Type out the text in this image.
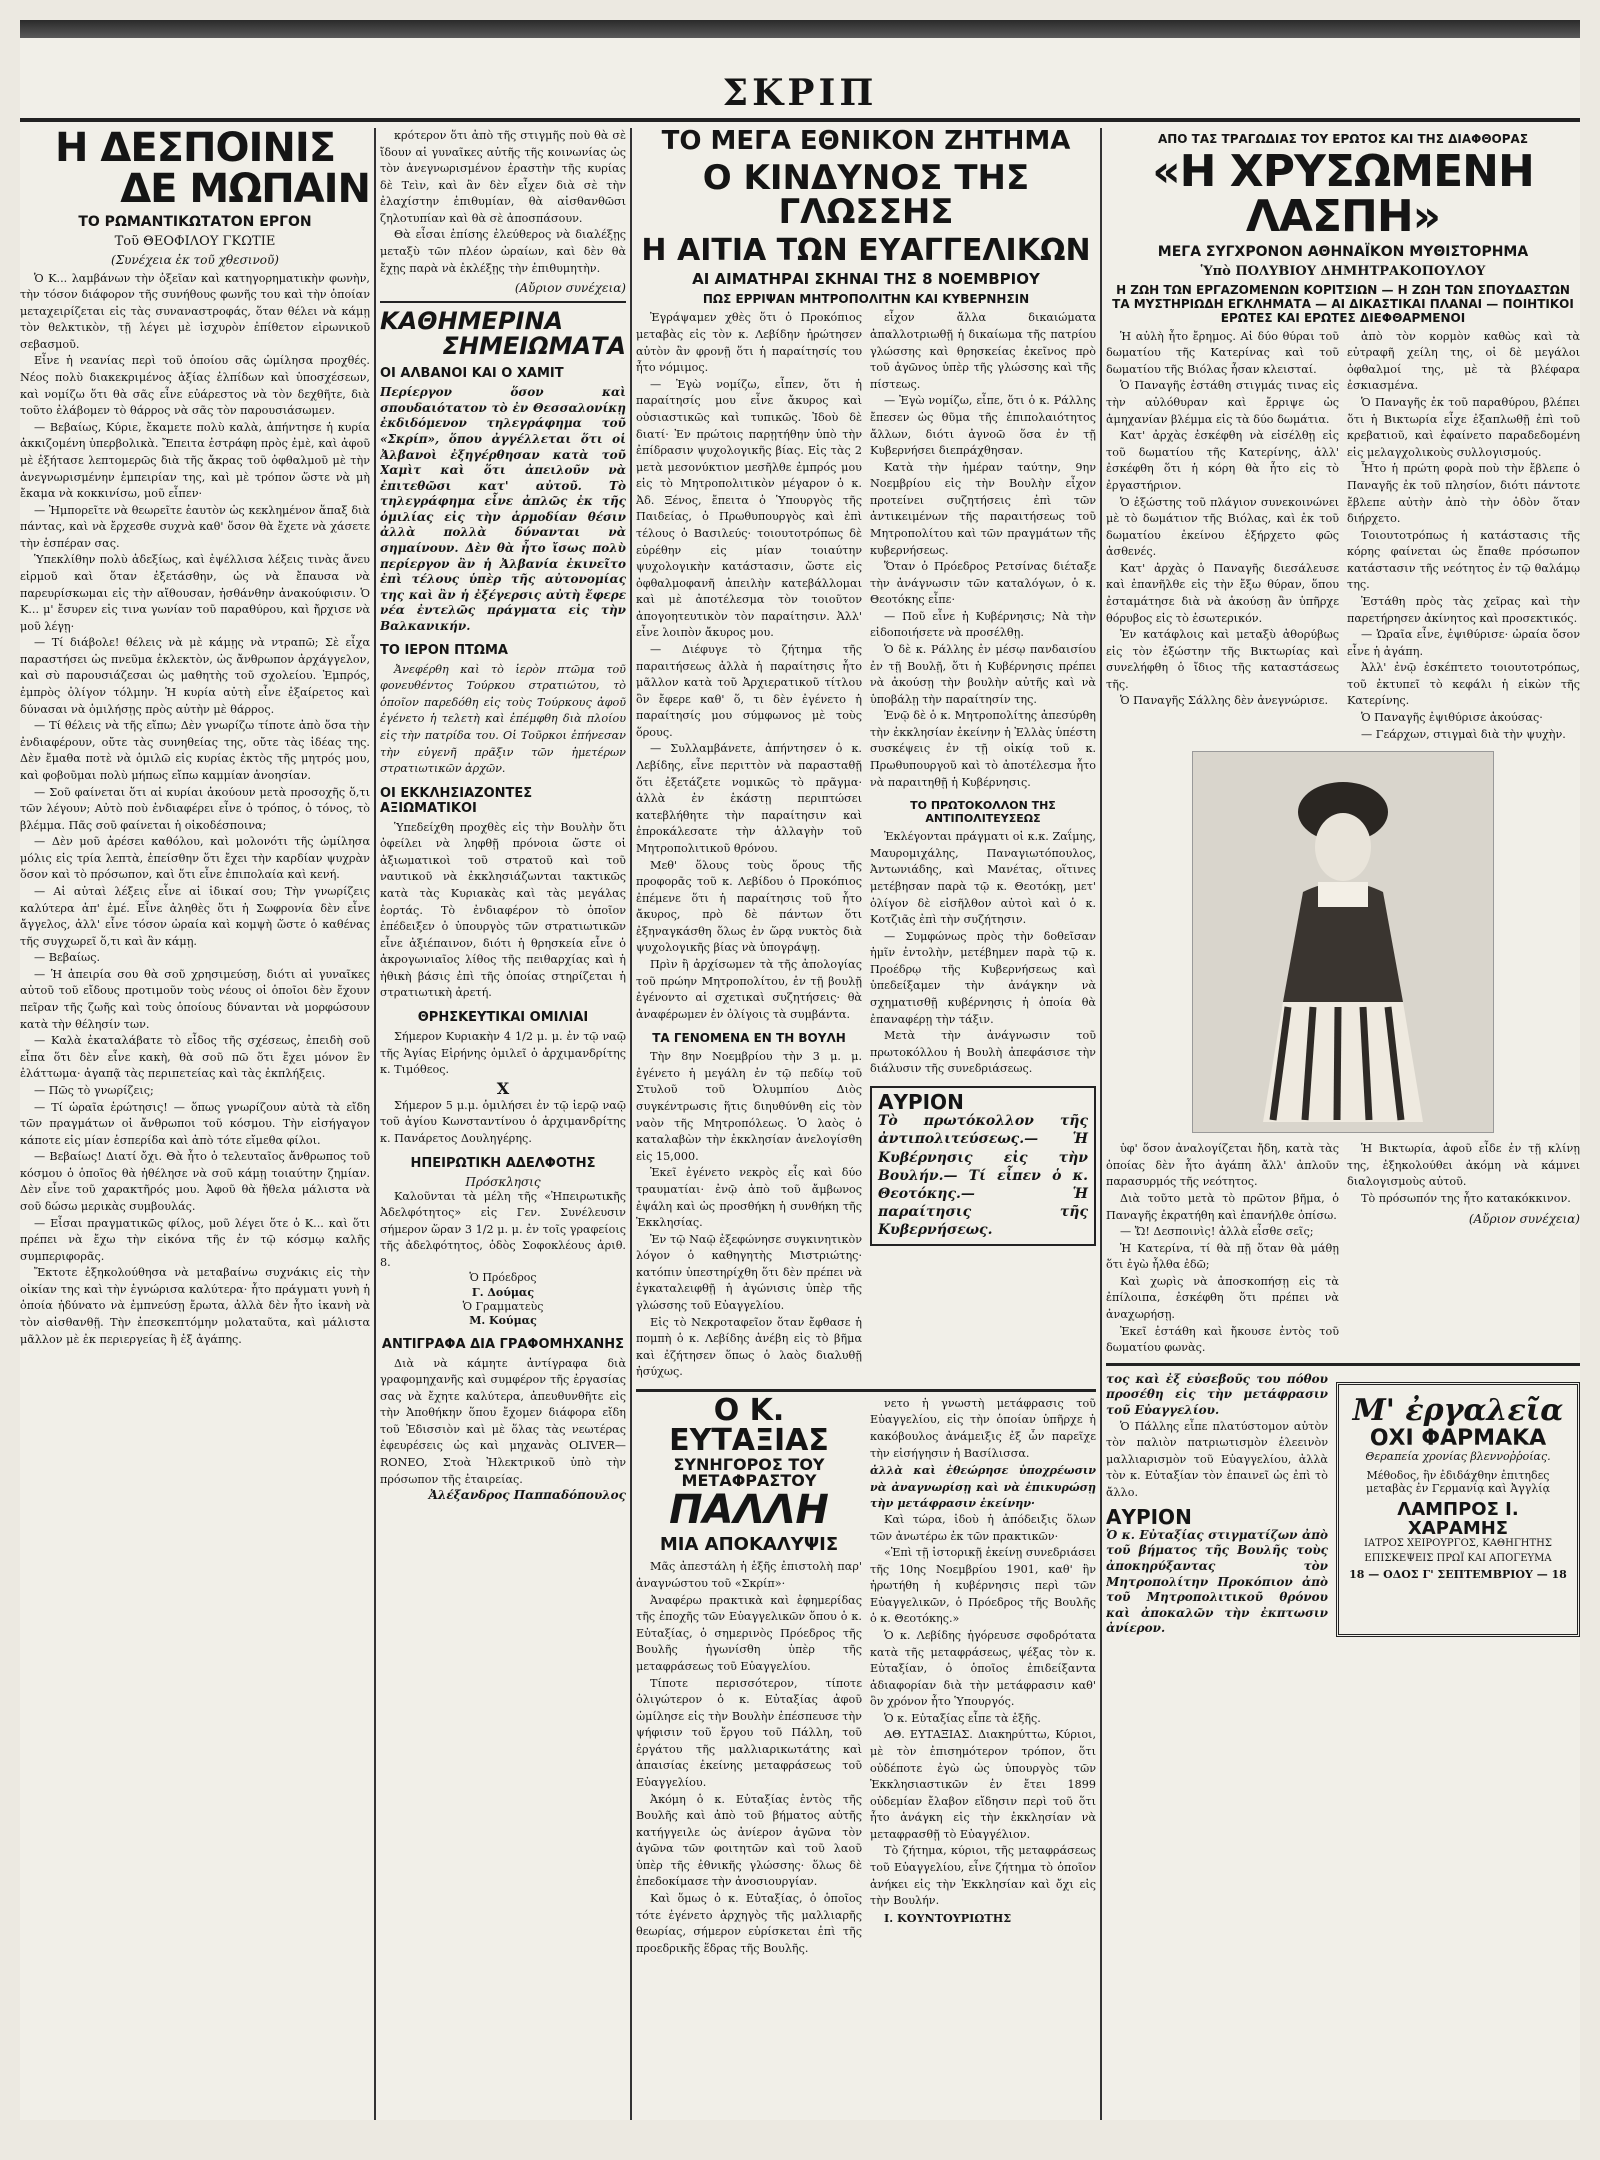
ΣΚΡΙΠ
Η ΔΕΣΠΟΙΝΙΣ
ΔΕ ΜΩΠΑΙΝ
ΤΟ ΡΩΜΑΝΤΙΚΩΤΑΤΟΝ ΕΡΓΟΝ
Τοῦ ΘΕΟΦΙΛΟΥ ΓΚΩΤΙΕ
(Συνέχεια ἐκ τοῦ χθεσινοῦ)

Ὁ Κ... λαμβάνων τὴν ὀξεῖαν καὶ κατηγορηματικὴν φωνὴν, τὴν τόσον διάφορον τῆς συνήθους φωνῆς του καὶ τὴν ὁποίαν μεταχειρίζεται εἰς τὰς συναναστροφάς, ὅταν θέλει νὰ κάμῃ τὸν θελκτικὸν, τῇ λέγει μὲ ἰσχυρὸν ἐπίθετον εἰρωνικοῦ σεβασμοῦ.

Εἶνε ἡ νεανίας περὶ τοῦ ὁποίου σᾶς ὡμίλησα προχθές. Νέος πολὺ διακεκριμένος ἀξίας ἐλπίδων καὶ ὑποσχέσεων, καὶ νομίζω ὅτι θὰ σᾶς εἶνε εὐάρεστος νὰ τὸν δεχθῆτε, διὰ τοῦτο ἐλάβομεν τὸ θάρρος νὰ σᾶς τὸν παρουσιάσωμεν.

— Βεβαίως, Κύριε, ἔκαμετε πολὺ καλὰ, ἀπήντησε ἡ κυρία ἀκκιζομένη ὑπερβολικὰ. Ἔπειτα ἐστράφη πρὸς ἐμὲ, καὶ ἀφοῦ μὲ ἐξήτασε λεπτομερῶς διὰ τῆς ἄκρας τοῦ ὀφθαλμοῦ μὲ τὴν ἀνεγνωρισμένην ἐμπειρίαν της, καὶ μὲ τρόπον ὥστε νὰ μὴ ἔκαμα νὰ κοκκινίσω, μοῦ εἶπεν·

— Ἠμπορεῖτε νὰ θεωρεῖτε ἑαυτὸν ὡς κεκλημένον ἅπαξ διὰ πάντας, καὶ νὰ ἔρχεσθε συχνὰ καθ' ὅσον θὰ ἔχετε νὰ χάσετε τὴν ἑσπέραν σας.

Ὑπεκλίθην πολὺ ἀδεξίως, καὶ ἐψέλλισα λέξεις τινὰς ἄνευ εἱρμοῦ καὶ ὅταν ἐξετάσθην, ὡς νὰ ἔπαυσα νὰ παρευρίσκωμαι εἰς τὴν αἴθουσαν, ἠσθάνθην ἀνακούφισιν. Ὁ Κ... μ' ἔσυρεν εἰς τινα γωνίαν τοῦ παραθύρου, καὶ ἤρχισε νὰ μοῦ λέγῃ·

— Τί διάβολε! θέλεις νὰ μὲ κάμῃς νὰ ντραπῶ; Σὲ εἶχα παραστήσει ὡς πνεῦμα ἐκλεκτὸν, ὡς ἄνθρωπον ἀρχάγγελον, καὶ σὺ παρουσιάζεσαι ὡς μαθητὴς τοῦ σχολείου. Ἐμπρός, ἐμπρὸς ὀλίγον τόλμην. Ἡ κυρία αὐτὴ εἶνε ἐξαίρετος καὶ δύνασαι νὰ ὁμιλήσῃς πρὸς αὐτὴν μὲ θάρρος.

— Τί θέλεις νὰ τῆς εἴπω; Δὲν γνωρίζω τίποτε ἀπὸ ὅσα τὴν ἐνδιαφέρουν, οὔτε τὰς συνηθείας της, οὔτε τὰς ἰδέας της. Δὲν ἔμαθα ποτὲ νὰ ὁμιλῶ εἰς κυρίας ἐκτὸς τῆς μητρός μου, καὶ φοβοῦμαι πολὺ μήπως εἴπω καμμίαν ἀνοησίαν.

— Σοῦ φαίνεται ὅτι αἱ κυρίαι ἀκούουν μετὰ προσοχῆς ὅ,τι τῶν λέγουν; Αὐτὸ ποὺ ἐνδιαφέρει εἶνε ὁ τρόπος, ὁ τόνος, τὸ βλέμμα. Πᾶς σοῦ φαίνεται ἡ οἰκοδέσποινα;

— Δὲν μοῦ ἀρέσει καθόλου, καὶ μολονότι τῆς ὡμίλησα μόλις εἰς τρία λεπτὰ, ἐπείσθην ὅτι ἔχει τὴν καρδίαν ψυχρὰν ὅσον καὶ τὸ πρόσωπον, καὶ ὅτι εἶνε ἐπιπολαία καὶ κενή.

— Αἱ αὐταὶ λέξεις εἶνε αἱ ἰδικαί σου; Τὴν γνωρίζεις καλύτερα ἀπ' ἐμέ. Εἶνε ἀληθὲς ὅτι ἡ Σωφρονία δὲν εἶνε ἄγγελος, ἀλλ' εἶνε τόσον ὡραία καὶ κομψὴ ὥστε ὁ καθένας τῆς συγχωρεῖ ὅ,τι καὶ ἂν κάμῃ.

— Βεβαίως.

— Ἡ ἀπειρία σου θὰ σοῦ χρησιμεύσῃ, διότι αἱ γυναῖκες αὐτοῦ τοῦ εἴδους προτιμοῦν τοὺς νέους οἱ ὁποῖοι δὲν ἔχουν πεῖραν τῆς ζωῆς καὶ τοὺς ὁποίους δύνανται νὰ μορφώσουν κατὰ τὴν θέλησίν των.

— Καλὰ ἐκαταλάβατε τὸ εἶδος τῆς σχέσεως, ἐπειδὴ σοῦ εἶπα ὅτι δὲν εἶνε κακὴ, θὰ σοῦ πῶ ὅτι ἔχει μόνον ἓν ἐλάττωμα· ἀγαπᾷ τὰς περιπετείας καὶ τὰς ἐκπλήξεις.

— Πῶς τὸ γνωρίζεις;

— Τί ὡραῖα ἐρώτησις! — ὅπως γνωρίζουν αὐτὰ τὰ εἴδη τῶν πραγμάτων οἱ ἄνθρωποι τοῦ κόσμου. Τὴν εἰσήγαγον κάποτε εἰς μίαν ἑσπερίδα καὶ ἀπὸ τότε εἴμεθα φίλοι.

— Βεβαίως! Διατί ὄχι. Θὰ ἦτο ὁ τελευταῖος ἄνθρωπος τοῦ κόσμου ὁ ὁποῖος θὰ ἠθέλησε νὰ σοῦ κάμῃ τοιαύτην ζημίαν. Δὲν εἶνε τοῦ χαρακτῆρός μου. Ἀφοῦ θὰ ἤθελα μάλιστα νὰ σοῦ δώσω μερικὰς συμβουλάς.

— Εἶσαι πραγματικῶς φίλος, μοῦ λέγει ὅτε ὁ Κ... καὶ ὅτι πρέπει νὰ ἔχω τὴν εἰκόνα τῆς ἐν τῷ κόσμῳ καλῆς συμπεριφορᾶς.

Ἔκτοτε ἐξηκολούθησα νὰ μεταβαίνω συχνάκις εἰς τὴν οἰκίαν της καὶ τὴν ἐγνώρισα καλύτερα· ἦτο πράγματι γυνὴ ἡ ὁποία ἠδύνατο νὰ ἐμπνεύσῃ ἔρωτα, ἀλλὰ δὲν ἦτο ἱκανὴ νὰ τὸν αἰσθανθῇ. Τὴν ἐπεσκεπτόμην μολαταῦτα, καὶ μάλιστα μᾶλλον μὲ ἐκ περιεργείας ἢ ἐξ ἀγάπης.

κρότερον ὅτι ἀπὸ τῆς στιγμῆς ποὺ θὰ σὲ ἴδουν αἱ γυναῖκες αὐτῆς τῆς κοινωνίας ὡς τὸν ἀνεγνωρισμένον ἐραστὴν τῆς κυρίας δὲ Τεὶν, καὶ ἂν δὲν εἶχεν διὰ σὲ τὴν ἐλαχίστην ἐπιθυμίαν, θὰ αἰσθανθῶσι ζηλοτυπίαν καὶ θὰ σὲ ἀποσπάσουν.

Θὰ εἶσαι ἐπίσης ἐλεύθερος νὰ διαλέξῃς μεταξὺ τῶν πλέον ὡραίων, καὶ δὲν θὰ ἔχῃς παρὰ νὰ ἐκλέξῃς τὴν ἐπιθυμητὴν.

(Αὔριον συνέχεια)
ΚΑΘΗΜΕΡΙΝΑ
ΣΗΜΕΙΩΜΑΤΑ
ΟΙ ΑΛΒΑΝΟΙ ΚΑΙ Ο ΧΑΜΙΤ
Περίεργον ὅσον καὶ σπουδαιότατον τὸ ἐν Θεσσαλονίκῃ ἐκδιδόμενον τηλεγράφημα τοῦ «Σκρίπ», ὅπου ἀγγέλλεται ὅτι οἱ Ἀλβανοὶ ἐξηγέρθησαν κατὰ τοῦ Χαμὶτ καὶ ὅτι ἀπειλοῦν νὰ ἐπιτεθῶσι κατ' αὐτοῦ. Τὸ τηλεγράφημα εἶνε ἀπλῶς ἐκ τῆς ὁμιλίας εἰς τὴν ἁρμοδίαν θέσιν ἀλλὰ πολλὰ δύνανται νὰ σημαίνουν. Δὲν θὰ ἦτο ἴσως πολὺ περίεργον ἂν ἡ Ἀλβανία ἐκινεῖτο ἐπὶ τέλους ὑπὲρ τῆς αὐτονομίας της καὶ ἂν ἡ ἐξέγερσις αὐτὴ ἔφερε νέα ἐντελῶς πράγματα εἰς τὴν Βαλκανικήν.
ΤΟ ΙΕΡΟΝ ΠΤΩΜΑ

Ἀνεφέρθη καὶ τὸ ἱερὸν πτῶμα τοῦ φονευθέντος Τούρκου στρατιώτου, τὸ ὁποῖον παρεδόθη εἰς τοὺς Τούρκους ἀφοῦ ἐγένετο ἡ τελετὴ καὶ ἐπέμφθη διὰ πλοίου εἰς τὴν πατρίδα του. Οἱ Τοῦρκοι ἐπήνεσαν τὴν εὐγενῆ πρᾶξιν τῶν ἡμετέρων στρατιωτικῶν ἀρχῶν.

ΟΙ ΕΚΚΛΗΣΙΑΖΟΝΤΕΣ ΑΞΙΩΜΑΤΙΚΟΙ

Ὑπεδείχθη προχθὲς εἰς τὴν Βουλὴν ὅτι ὀφείλει νὰ ληφθῇ πρόνοια ὥστε οἱ ἀξιωματικοὶ τοῦ στρατοῦ καὶ τοῦ ναυτικοῦ νὰ ἐκκλησιάζωνται τακτικῶς κατὰ τὰς Κυριακὰς καὶ τὰς μεγάλας ἑορτάς. Τὸ ἐνδιαφέρον τὸ ὁποῖον ἐπέδειξεν ὁ ὑπουργὸς τῶν στρατιωτικῶν εἶνε ἀξιέπαινον, διότι ἡ θρησκεία εἶνε ὁ ἀκρογωνιαῖος λίθος τῆς πειθαρχίας καὶ ἡ ἠθικὴ βάσις ἐπὶ τῆς ὁποίας στηρίζεται ἡ στρατιωτικὴ ἀρετή.

ΘΡΗΣΚΕΥΤΙΚΑΙ ΟΜΙΛΙΑΙ

Σήμερον Κυριακὴν 4 1/2 μ. μ. ἐν τῷ ναῷ τῆς Ἁγίας Εἰρήνης ὁμιλεῖ ὁ ἀρχιμανδρίτης κ. Τιμόθεος.

X

Σήμερον 5 μ.μ. ὁμιλήσει ἐν τῷ ἱερῷ ναῷ τοῦ ἁγίου Κωνσταντίνου ὁ ἀρχιμανδρίτης κ. Πανάρετος Δουληγέρης.

ΗΠΕΙΡΩΤΙΚΗ ΑΔΕΛΦΟΤΗΣ
Πρόσκλησις

Καλοῦνται τὰ μέλη τῆς «Ἠπειρωτικῆς Ἀδελφότητος» εἰς Γεν. Συνέλευσιν σήμερον ὥραν 3 1/2 μ. μ. ἐν τοῖς γραφείοις τῆς ἀδελφότητος, ὁδὸς Σοφοκλέους ἀριθ. 8.

Ὁ Πρόεδρος
Γ. Δούμας
Ὁ Γραμματεὺς
Μ. Κούμας
ΑΝΤΙΓΡΑΦΑ ΔΙΑ ΓΡΑΦΟΜΗΧΑΝΗΣ

Διὰ νὰ κάμητε ἀντίγραφα διὰ γραφομηχανῆς καὶ συμφέρον τῆς ἐργασίας σας νὰ ἔχητε καλύτερα, ἀπευθυνθῆτε εἰς τὴν Ἀποθήκην ὅπου ἔχομεν διάφορα εἴδη τοῦ Ἐδισσιὸν καὶ μὲ ὅλας τὰς νεωτέρας ἐφευρέσεις ὡς καὶ μηχανὰς OLIVER—RONEO, Στοὰ Ἠλεκτρικοῦ ὑπὸ τὴν πρόσωπον τῆς ἐταιρείας.

Ἀλέξανδρος Παππαδόπουλος
ΤΟ ΜΕΓΑ ΕΘΝΙΚΟΝ ΖΗΤΗΜΑ
Ο ΚΙΝΔΥΝΟΣ ΤΗΣ ΓΛΩΣΣΗΣ
Η ΑΙΤΙΑ ΤΩΝ ΕΥΑΓΓΕΛΙΚΩΝ
ΑΙ ΑΙΜΑΤΗΡΑΙ ΣΚΗΝΑΙ ΤΗΣ 8 ΝΟΕΜΒΡΙΟΥ
ΠΩΣ ΕΡΡΙΨΑΝ ΜΗΤΡΟΠΟΛΙΤΗΝ ΚΑΙ ΚΥΒΕΡΝΗΣΙΝ

Ἐγράψαμεν χθὲς ὅτι ὁ Προκόπιος μεταβὰς εἰς τὸν κ. Λεβίδην ἠρώτησεν αὐτὸν ἂν φρονῇ ὅτι ἡ παραίτησίς του ἦτο νόμιμος.

— Ἐγὼ νομίζω, εἶπεν, ὅτι ἡ παραίτησίς μου εἶνε ἄκυρος καὶ οὐσιαστικῶς καὶ τυπικῶς. Ἰδοὺ δὲ διατί· Ἐν πρώτοις παρῃτήθην ὑπὸ τὴν ἐπίδρασιν ψυχολογικῆς βίας. Εἰς τὰς 2 μετὰ μεσονύκτιον μεσῆλθε ἐμπρός μου εἰς τὸ Μητροπολιτικὸν μέγαρον ὁ κ. Ἀδ. Ξένος, ἔπειτα ὁ Ὑπουργὸς τῆς Παιδείας, ὁ Πρωθυπουργὸς καὶ ἐπὶ τέλους ὁ Βασιλεύς· τοιουτοτρόπως δὲ εὑρέθην εἰς μίαν τοιαύτην ψυχολογικὴν κατάστασιν, ὥστε εἰς ὀφθαλμοφανῆ ἀπειλὴν κατεβάλλομαι καὶ μὲ ἀποτέλεσμα τὸν τοιοῦτον ἀπογοητευτικὸν τὸν παραίτησιν. Ἀλλ' εἶνε λοιπὸν ἄκυρος μου.

— Διέφυγε τὸ ζήτημα τῆς παραιτήσεως ἀλλὰ ἡ παραίτησις ἦτο μᾶλλον κατὰ τοῦ Ἀρχιερατικοῦ τίτλου ὃν ἔφερε καθ' ὅ, τι δὲν ἐγένετο ἡ παραίτησίς μου σύμφωνος μὲ τοὺς ὅρους.

— Συλλαμβάνετε, ἀπήντησεν ὁ κ. Λεβίδης, εἶνε περιττὸν νὰ παρασταθῇ ὅτι ἐξετάζετε νομικῶς τὸ πρᾶγμα· ἀλλὰ ἐν ἑκάστῃ περιπτώσει κατεβλήθητε τὴν παραίτησιν καὶ ἐπροκάλεσατε τὴν ἀλλαγὴν τοῦ Μητροπολιτικοῦ θρόνου.

Μεθ' ὅλους τοὺς ὅρους τῆς προφορᾶς τοῦ κ. Λεβίδου ὁ Προκόπιος ἐπέμενε ὅτι ἡ παραίτησις τοῦ ἦτο ἄκυρος, πρὸ δὲ πάντων ὅτι ἐξηναγκάσθη ὅλως ἐν ὥρᾳ νυκτὸς διὰ ψυχολογικῆς βίας νὰ ὑπογράψῃ.

Πρὶν ἢ ἀρχίσωμεν τὰ τῆς ἀπολογίας τοῦ πρώην Μητροπολίτου, ἐν τῇ βουλῇ ἐγένοντο αἱ σχετικαὶ συζητήσεις· θὰ ἀναφέρωμεν ἐν ὀλίγοις τὰ συμβάντα.

ΤΑ ΓΕΝΟΜΕΝΑ ΕΝ ΤΗ ΒΟΥΛΗ

Τὴν 8ην Νοεμβρίου τὴν 3 μ. μ. ἐγένετο ἡ μεγάλη ἐν τῷ πεδίῳ τοῦ Στυλοῦ τοῦ Ὀλυμπίου Διὸς συγκέντρωσις ἥτις διηυθύνθη εἰς τὸν ναὸν τῆς Μητροπόλεως. Ὁ λαὸς ὁ καταλαβὼν τὴν ἐκκλησίαν ἀνελογίσθη εἰς 15,000.

Ἐκεῖ ἐγένετο νεκρὸς εἷς καὶ δύο τραυματίαι· ἐνῷ ἀπὸ τοῦ ἄμβωνος ἐψάλη καὶ ὡς προσθήκη ἡ συνθήκη τῆς Ἐκκλησίας.

Ἐν τῷ Ναῷ ἐξεφώνησε συγκινητικὸν λόγον ὁ καθηγητὴς Μιστριώτης· κατόπιν ὑπεστηρίχθη ὅτι δὲν πρέπει νὰ ἐγκαταλειφθῇ ἡ ἀγώνισις ὑπὲρ τῆς γλώσσης τοῦ Εὐαγγελίου.

Εἰς τὸ Νεκροταφεῖον ὅταν ἔφθασε ἡ πομπὴ ὁ κ. Λεβίδης ἀνέβη εἰς τὸ βῆμα καὶ ἐζήτησεν ὅπως ὁ λαὸς διαλυθῇ ἡσύχως.

εἶχον ἄλλα δικαιώματα ἀπαλλοτριωθῇ ἡ δικαίωμα τῆς πατρίου γλώσσης καὶ θρησκείας ἐκεῖνος πρὸ τοῦ ἀγῶνος ὑπὲρ τῆς γλώσσης καὶ τῆς πίστεως.

— Ἐγὼ νομίζω, εἶπε, ὅτι ὁ κ. Ράλλης ἔπεσεν ὡς θῦμα τῆς ἐπιπολαιότητος ἄλλων, διότι ἀγνοῶ ὅσα ἐν τῇ Κυβερνήσει διεπράχθησαν.

Κατὰ τὴν ἡμέραν ταύτην, 9ην Νοεμβρίου εἰς τὴν Βουλὴν εἶχον προτείνει συζητήσεις ἐπὶ τῶν ἀντικειμένων τῆς παραιτήσεως τοῦ Μητροπολίτου καὶ τῶν πραγμάτων τῆς κυβερνήσεως.

Ὅταν ὁ Πρόεδρος Ρετσίνας διέταξε τὴν ἀνάγνωσιν τῶν καταλόγων, ὁ κ. Θεοτόκης εἶπε·

— Ποῦ εἶνε ἡ Κυβέρνησις; Νὰ τὴν εἰδοποιήσετε νὰ προσέλθῃ.

Ὁ δὲ κ. Ράλλης ἐν μέσῳ πανδαισίου ἐν τῇ Βουλῇ, ὅτι ἡ Κυβέρνησις πρέπει νὰ ἀκούσῃ τὴν βουλὴν αὐτῆς καὶ νὰ ὑποβάλῃ τὴν παραίτησίν της.

Ἐνῷ δὲ ὁ κ. Μητροπολίτης ἀπεσύρθη τὴν ἐκκλησίαν ἐκείνην ἡ Ἐλλὰς ὑπέστη συσκέψεις ἐν τῇ οἰκίᾳ τοῦ κ. Πρωθυπουργοῦ καὶ τὸ ἀποτέλεσμα ἦτο νὰ παραιτηθῇ ἡ Κυβέρνησις.

ΤΟ ΠΡΩΤΟΚΟΛΛΟΝ ΤΗΣ ΑΝΤΙΠΟΛΙΤΕΥΣΕΩΣ

Ἐκλέγονται πράγματι οἱ κ.κ. Ζαΐμης, Μαυρομιχάλης, Παναγιωτόπουλος, Ἀντωνιάδης, καὶ Μανέτας, οἵτινες μετέβησαν παρὰ τῷ κ. Θεοτόκῃ, μετ' ὀλίγον δὲ εἰσῆλθον αὐτοὶ καὶ ὁ κ. Κοτζιᾶς ἐπὶ τὴν συζήτησιν.

— Συμφώνως πρὸς τὴν δοθεῖσαν ἡμῖν ἐντολὴν, μετέβημεν παρὰ τῷ κ. Προέδρῳ τῆς Κυβερνήσεως καὶ ὑπεδείξαμεν τὴν ἀνάγκην νὰ σχηματισθῇ κυβέρνησις ἡ ὁποία θὰ ἐπαναφέρῃ τὴν τάξιν.

Μετὰ τὴν ἀνάγνωσιν τοῦ πρωτοκόλλου ἡ Βουλὴ ἀπεφάσισε τὴν διάλυσιν τῆς συνεδριάσεως.

ΑΥΡΙΟΝ
Τὸ πρωτόκολλον τῆς ἀντιπολιτεύσεως.— Ἡ Κυβέρνησις εἰς τὴν Βουλήν.— Τί εἶπεν ὁ κ. Θεοτόκης.— Ἡ παραίτησις τῆς Κυβερνήσεως.
Ο Κ. ΕΥΤΑΞΙΑΣ
ΣΥΝΗΓΟΡΟΣ ΤΟΥ ΜΕΤΑΦΡΑΣΤΟΥ
ΠΑΛΛΗ
ΜΙΑ ΑΠΟΚΑΛΥΨΙΣ

Μᾶς ἀπεστάλη ἡ ἑξῆς ἐπιστολὴ παρ' ἀναγνώστου τοῦ «Σκρίπ»·

Ἀναφέρω πρακτικὰ καὶ ἐφημερίδας τῆς ἐποχῆς τῶν Εὐαγγελικῶν ὅπου ὁ κ. Εὐταξίας, ὁ σημερινὸς Πρόεδρος τῆς Βουλῆς ἠγωνίσθη ὑπὲρ τῆς μεταφράσεως τοῦ Εὐαγγελίου.

Τίποτε περισσότερον, τίποτε ὀλιγώτερον ὁ κ. Εὐταξίας ἀφοῦ ὡμίλησε εἰς τὴν Βουλὴν ἐπέσπευσε τὴν ψήφισιν τοῦ ἔργου τοῦ Πάλλη, τοῦ ἐργάτου τῆς μαλλιαρικωτάτης καὶ ἀπαισίας ἐκείνης μεταφράσεως τοῦ Εὐαγγελίου.

Ἀκόμη ὁ κ. Εὐταξίας ἐντὸς τῆς Βουλῆς καὶ ἀπὸ τοῦ βήματος αὐτῆς κατήγγειλε ὡς ἀνίερον ἀγῶνα τὸν ἀγῶνα τῶν φοιτητῶν καὶ τοῦ λαοῦ ὑπὲρ τῆς ἐθνικῆς γλώσσης· ὅλως δὲ ἐπεδοκίμασε τὴν ἀνοσιουργίαν.

Καὶ ὅμως ὁ κ. Εὐταξίας, ὁ ὁποῖος τότε ἐγένετο ἀρχηγὸς τῆς μαλλιαρῆς θεωρίας, σήμερον εὑρίσκεται ἐπὶ τῆς προεδρικῆς ἕδρας τῆς Βουλῆς.

νετο ἡ γνωστὴ μετάφρασις τοῦ Εὐαγγελίου, εἰς τὴν ὁποίαν ὑπῆρχε ἡ κακόβουλος ἀνάμειξις ἐξ ὧν παρεῖχε τὴν εἰσήγησιν ἡ Βασίλισσα.

ἀλλὰ καὶ ἐθεώρησε ὑποχρέωσιν νὰ ἀναγνωρίσῃ καὶ νὰ ἐπικυρώσῃ τὴν μετάφρασιν ἐκείνην·

Καὶ τώρα, ἰδοὺ ἡ ἀπόδειξις ὅλων τῶν ἀνωτέρω ἐκ τῶν πρακτικῶν·

«Ἐπὶ τῇ ἱστορικῇ ἐκείνῃ συνεδριάσει τῆς 10ης Νοεμβρίου 1901, καθ' ἣν ἠρωτήθη ἡ κυβέρνησις περὶ τῶν Εὐαγγελικῶν, ὁ Πρόεδρος τῆς Βουλῆς ὁ κ. Θεοτόκης.»

Ὁ κ. Λεβίδης ἠγόρευσε σφοδρότατα κατὰ τῆς μεταφράσεως, ψέξας τὸν κ. Εὐταξίαν, ὁ ὁποῖος ἐπιδείξαντα ἀδιαφορίαν διὰ τὴν μετάφρασιν καθ' ὃν χρόνον ἦτο Ὑπουργός.

Ὁ κ. Εὐταξίας εἶπε τὰ ἑξῆς.

ΑΘ. ΕΥΤΑΞΙΑΣ. Διακηρύττω, Κύριοι, μὲ τὸν ἐπισημότερον τρόπον, ὅτι οὐδέποτε ἐγὼ ὡς ὑπουργὸς τῶν Ἐκκλησιαστικῶν ἐν ἔτει 1899 οὐδεμίαν ἔλαβον εἴδησιν περὶ τοῦ ὅτι ἦτο ἀνάγκη εἰς τὴν ἐκκλησίαν νὰ μεταφρασθῇ τὸ Εὐαγγέλιον.

Τὸ ζήτημα, κύριοι, τῆς μεταφράσεως τοῦ Εὐαγγελίου, εἶνε ζήτημα τὸ ὁποῖον ἀνήκει εἰς τὴν Ἐκκλησίαν καὶ ὄχι εἰς τὴν Βουλήν.

Ι. ΚΟΥΝΤΟΥΡΙΩΤΗΣ

ΑΠΟ ΤΑΣ ΤΡΑΓΩΔΙΑΣ ΤΟΥ ΕΡΩΤΟΣ ΚΑΙ ΤΗΣ ΔΙΑΦΘΟΡΑΣ
«Η ΧΡΥΣΩΜΕΝΗ ΛΑΣΠΗ»
ΜΕΓΑ ΣΥΓΧΡΟΝΟΝ ΑΘΗΝΑΪΚΟΝ ΜΥΘΙΣΤΟΡΗΜΑ
Ὑπὸ ΠΟΛΥΒΙΟΥ ΔΗΜΗΤΡΑΚΟΠΟΥΛΟΥ
Η ΖΩΗ ΤΩΝ ΕΡΓΑΖΟΜΕΝΩΝ ΚΟΡΙΤΣΙΩΝ — Η ΖΩΗ ΤΩΝ ΣΠΟΥΔΑΣΤΩΝ ΤΑ ΜΥΣΤΗΡΙΩΔΗ ΕΓΚΛΗΜΑΤΑ — ΑΙ ΔΙΚΑΣΤΙΚΑΙ ΠΛΑΝΑΙ — ΠΟΙΗΤΙΚΟΙ ΕΡΩΤΕΣ ΚΑΙ ΕΡΩΤΕΣ ΔΙΕΦΘΑΡΜΕΝΟΙ

Ἡ αὐλὴ ἦτο ἔρημος. Αἱ δύο θύραι τοῦ δωματίου τῆς Κατερίνας καὶ τοῦ δωματίου τῆς Βιόλας ἦσαν κλεισταί.

Ὁ Παναγῆς ἐστάθη στιγμάς τινας εἰς τὴν αὐλόθυραν καὶ ἔρριψε ὡς ἀμηχανίαν βλέμμα εἰς τὰ δύο δωμάτια.

Κατ' ἀρχὰς ἐσκέφθη νὰ εἰσέλθῃ εἰς τοῦ δωματίου τῆς Κατερίνης, ἀλλ' ἐσκέφθη ὅτι ἡ κόρη θὰ ἦτο εἰς τὸ ἐργαστήριον.

Ὁ ἐξώστης τοῦ πλάγιον συνεκοινώνει μὲ τὸ δωμάτιον τῆς Βιόλας, καὶ ἐκ τοῦ δωματίου ἐκείνου ἐξήρχετο φῶς ἀσθενές.

Κατ' ἀρχὰς ὁ Παναγῆς διεσάλευσε καὶ ἐπανῆλθε εἰς τὴν ἔξω θύραν, ὅπου ἐσταμάτησε διὰ νὰ ἀκούσῃ ἂν ὑπῆρχε θόρυβος εἰς τὸ ἐσωτερικόν.

Ἐν κατάφλοις καὶ μεταξὺ ἀθορύβως εἰς τὸν ἐξώστην τῆς Βικτωρίας καὶ συνελήφθη ὁ ἴδιος τῆς καταστάσεως τῆς.

Ὁ Παναγῆς Σάλλης δὲν ἀνεγνώρισε.

ἀπὸ τὸν κορμὸν καθὼς καὶ τὰ εὐτραφῆ χείλη της, οἱ δὲ μεγάλοι ὀφθαλμοί της, μὲ τὰ βλέφαρα ἐσκιασμένα.

Ὁ Παναγῆς ἐκ τοῦ παραθύρου, βλέπει ὅτι ἡ Βικτωρία εἶχε ἐξαπλωθῇ ἐπὶ τοῦ κρεβατιοῦ, καὶ ἐφαίνετο παραδεδομένη εἰς μελαγχολικοὺς συλλογισμούς.

Ἦτο ἡ πρώτη φορὰ ποὺ τὴν ἔβλεπε ὁ Παναγῆς ἐκ τοῦ πλησίον, διότι πάντοτε ἔβλεπε αὐτὴν ἀπὸ τὴν ὁδὸν ὅταν διήρχετο.

Τοιουτοτρόπως ἡ κατάστασις τῆς κόρης φαίνεται ὡς ἔπαθε πρόσωπον κατάστασιν τῆς νεότητος ἐν τῷ θαλάμῳ της.

Ἐστάθη πρὸς τὰς χεῖρας καὶ τὴν παρετήρησεν ἀκίνητος καὶ προσεκτικός.

— Ὡραῖα εἶνε, ἐψιθύρισε· ὡραία ὅσον εἶνε ἡ ἀγάπη.

Ἀλλ' ἐνῷ ἐσκέπτετο τοιουτοτρόπως, τοῦ ἐκτυπεῖ τὸ κεφάλι ἡ εἰκὼν τῆς Κατερίνης.

Ὁ Παναγῆς ἐψιθύρισε ἀκούσας·

— Γεάρχων, στιγμαὶ διὰ τὴν ψυχὴν.

ὑφ' ὅσον ἀναλογίζεται ἤδη, κατὰ τὰς ὁποίας δὲν ἦτο ἀγάπη ἄλλ' ἀπλοῦν παρασυρμός τῆς νεότητος.

Διὰ τοῦτο μετὰ τὸ πρῶτον βῆμα, ὁ Παναγῆς ἐκρατήθη καὶ ἐπανήλθε ὀπίσω.

— Ὤ! Δεσποινὶς! ἀλλὰ εἶσθε σεῖς;

Ἡ Κατερίνα, τί θὰ πῇ ὅταν θὰ μάθῃ ὅτι ἐγὼ ἦλθα ἐδῶ;

Καὶ χωρὶς νὰ ἀποσκοπήσῃ εἰς τὰ ἐπίλοιπα, ἐσκέφθη ὅτι πρέπει νὰ ἀναχωρήσῃ.

Ἐκεῖ ἐστάθη καὶ ἤκουσε ἐντὸς τοῦ δωματίου φωνὰς.

Ἡ Βικτωρία, ἀφοῦ εἶδε ἐν τῇ κλίνῃ της, ἐξηκολούθει ἀκόμη νὰ κάμνει διαλογισμοὺς αὐτοῦ.

Τὸ πρόσωπόν της ἦτο κατακόκκινον.

(Αὔριον συνέχεια)
τος καὶ ἐξ εὐσεβοῦς του πόθου προσέθη εἰς τὴν μετάφρασιν τοῦ Εὐαγγελίου.

Ὁ Πάλλης εἶπε πλατύστομον αὐτὸν τὸν παλιὸν πατριωτισμὸν ἐλεεινὸν μαλλιαρισμὸν τοῦ Εὐαγγελίου, ἀλλὰ τὸν κ. Εὐταξίαν τὸν ἐπαινεῖ ὡς ἐπὶ τὸ ἄλλο.

ΑΥΡΙΟΝ
Ὁ κ. Εὐταξίας στιγματίζων ἀπὸ τοῦ βήματος τῆς Βουλῆς τοὺς ἀποκηρύξαντας τὸν Μητροπολίτην Προκόπιον ἀπὸ τοῦ Μητροπολιτικοῦ θρόνου καὶ ἀποκαλῶν τὴν ἐκπτωσιν ἀνίερον.
Μ' ἐργαλεῖα
ΟΧΙ ΦΑΡΜΑΚΑ
Θεραπεία χρονίας βλεννοῤῥοίας.
Μέθοδος, ἣν ἐδιδάχθην ἐπιτηδες μεταβὰς ἐν Γερμανίᾳ καὶ Ἀγγλίᾳ
ΛΑΜΠΡΟΣ Ι. ΧΑΡΑΜΗΣ
ΙΑΤΡΟΣ ΧΕΙΡΟΥΡΓΟΣ, ΚΑΘΗΓΗΤΗΣ
ΕΠΙΣΚΕΨΕΙΣ ΠΡΩΪ ΚΑΙ ΑΠΟΓΕΥΜΑ
18 — ΟΔΟΣ Γ' ΣΕΠΤΕΜΒΡΙΟΥ — 18
